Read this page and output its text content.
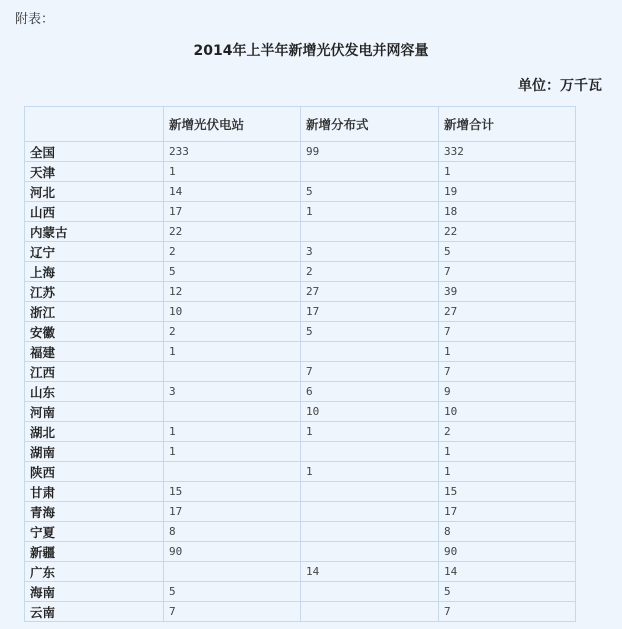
附表：
2014年上半年新增光伏发电并网容量
单位：万千瓦
	新增光伏电站	新增分布式	新增合计
全国	233	99	332
天津	1		1
河北	14	5	19
山西	17	1	18
内蒙古	22		22
辽宁	2	3	5
上海	5	2	7
江苏	12	27	39
浙江	10	17	27
安徽	2	5	7
福建	1		1
江西		7	7
山东	3	6	9
河南		10	10
湖北	1	1	2
湖南	1		1
陕西		1	1
甘肃	15		15
青海	17		17
宁夏	8		8
新疆	90		90
广东		14	14
海南	5		5
云南	7		7
